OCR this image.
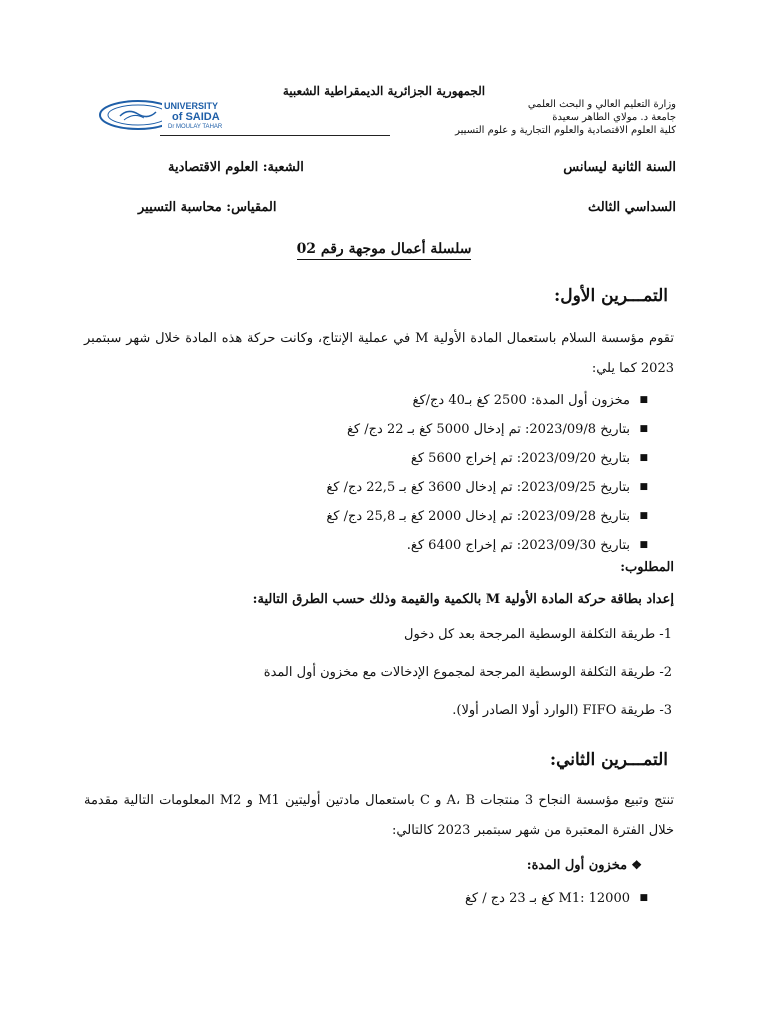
الجمهورية الجزائرية الديمقراطية الشعبية
وزارة التعليم العالي و البحث العلمي
جامعة د. مولاي الطاهر سعيدة
كلية العلوم الاقتصادية والعلوم التجارية و علوم التسيير
UNIVERSITY
of SAIDA
Dr MOULAY TAHAR
السنة الثانية ليسانس
الشعبة: العلوم الاقتصادية
السداسي الثالث
المقياس: محاسبة التسيير
سلسلة أعمال موجهة رقم 02
التمـــرين الأول:
تقوم مؤسسة السلام باستعمال المادة الأولية M في عملية الإنتاج، وكانت حركة هذه المادة خلال شهر سبتمبر 2023 كما يلي:
■
مخزون أول المدة: 2500 كغ بـ40 دج/كغ
■
بتاريخ 2023/09/8: تم إدخال 5000 كغ بـ 22 دج/ كغ
■
بتاريخ 2023/09/20: تم إخراج 5600 كغ
■
بتاريخ 2023/09/25: تم إدخال 3600 كغ بـ 22,5 دج/ كغ
■
بتاريخ 2023/09/28: تم إدخال 2000 كغ بـ 25,8 دج/ كغ
■
بتاريخ 2023/09/30: تم إخراج 6400 كغ.
المطلوب:
إعداد بطاقة حركة المادة الأولية M بالكمية والقيمة وذلك حسب الطرق التالية:
1- طريقة التكلفة الوسطية المرجحة بعد كل دخول
2- طريقة التكلفة الوسطية المرجحة لمجموع الإدخالات مع مخزون أول المدة
3- طريقة FIFO (الوارد أولا الصادر أولا).
التمـــرين الثاني:
تنتج وتبيع مؤسسة النجاح 3 منتجات A، B و C باستعمال مادتين أوليتين M1 و M2 المعلومات التالية مقدمة خلال الفترة المعتبرة من شهر سبتمبر 2023 كالتالي:
❖ مخزون أول المدة:
■
M1: 12000 كغ بـ 23 دج / كغ
